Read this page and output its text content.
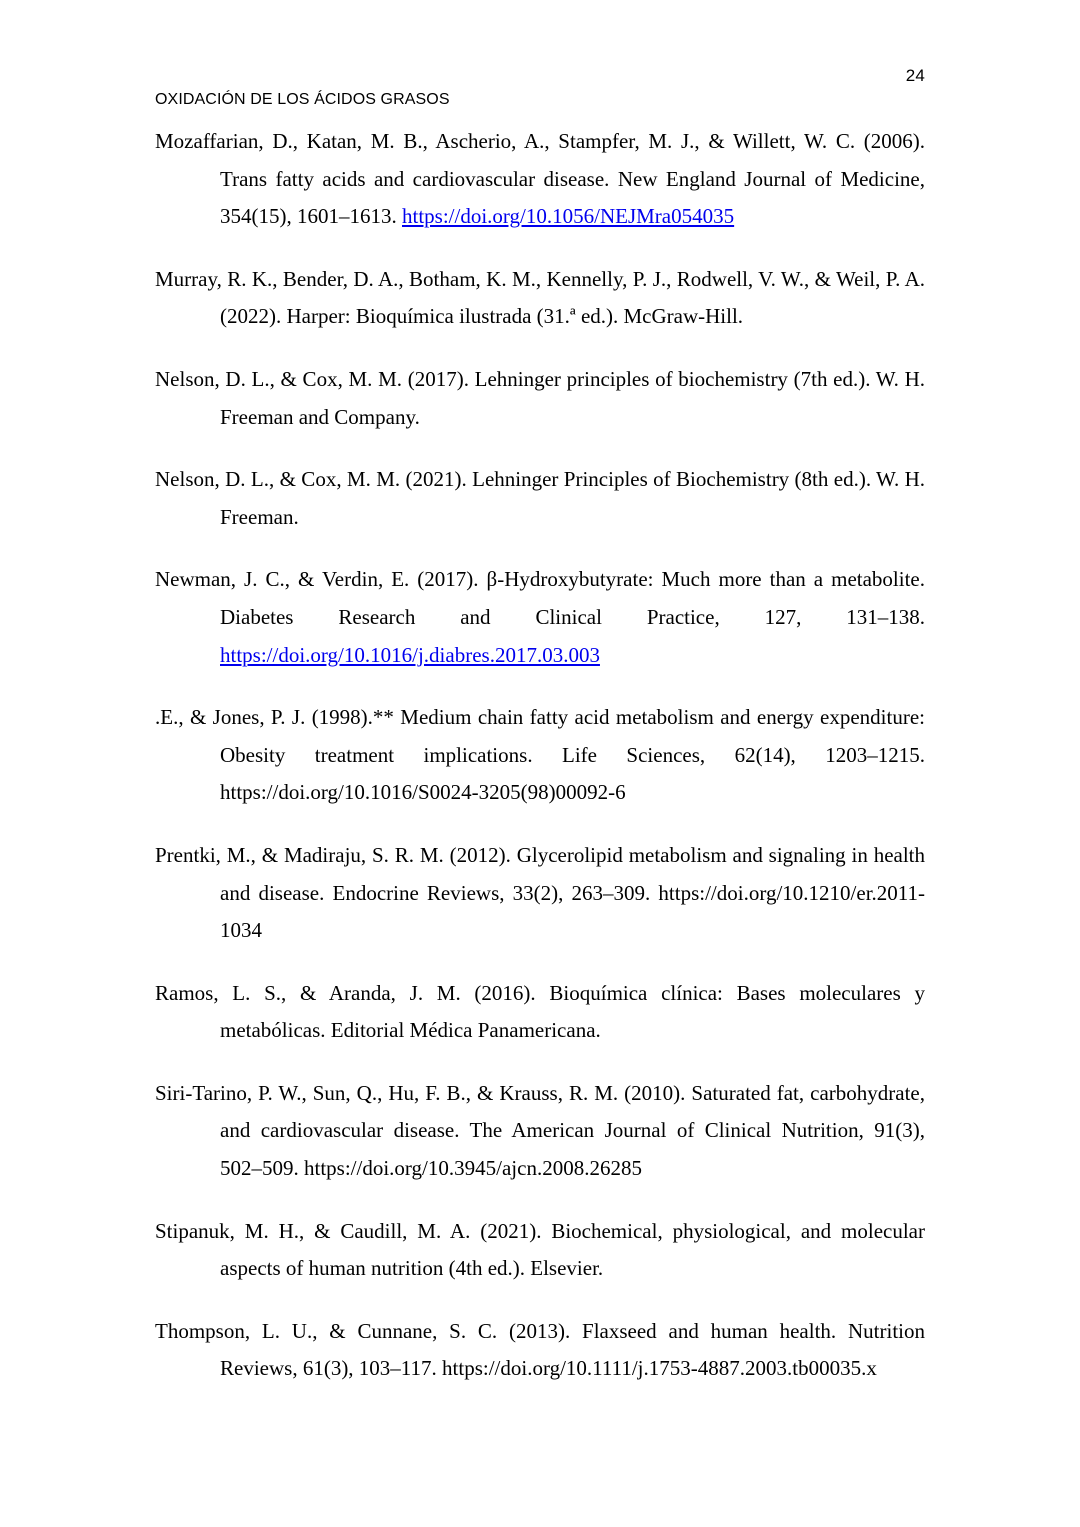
24
OXIDACIÓN DE LOS ÁCIDOS GRASOS

Mozaffarian, D., Katan, M. B., Ascherio, A., Stampfer, M. J., & Willett, W. C. (2006). Trans fatty acids and cardiovascular disease. New England Journal of Medicine, 354(15), 1601–1613. https://doi.org/10.1056/NEJMra054035

Murray, R. K., Bender, D. A., Botham, K. M., Kennelly, P. J., Rodwell, V. W., & Weil, P. A. (2022). Harper: Bioquímica ilustrada (31.ª ed.). McGraw-Hill.

Nelson, D. L., & Cox, M. M. (2017). Lehninger principles of biochemistry (7th ed.). W. H. Freeman and Company.

Nelson, D. L., & Cox, M. M. (2021). Lehninger Principles of Biochemistry (8th ed.). W. H. Freeman.

Newman, J. C., & Verdin, E. (2017). β-Hydroxybutyrate: Much more than a metabolite. Diabetes Research and Clinical Practice, 127, 131–138. https://doi.org/10.1016/j.diabres.2017.03.003

.E., & Jones, P. J. (1998).** Medium chain fatty acid metabolism and energy expenditure: Obesity treatment implications. Life Sciences, 62(14), 1203–1215. https://doi.org/10.1016/S0024-3205(98)00092-6

Prentki, M., & Madiraju, S. R. M. (2012). Glycerolipid metabolism and signaling in health and disease. Endocrine Reviews, 33(2), 263–309. https://doi.org/10.1210/er.2011-1034

Ramos, L. S., & Aranda, J. M. (2016). Bioquímica clínica: Bases moleculares y metabólicas. Editorial Médica Panamericana.

Siri-Tarino, P. W., Sun, Q., Hu, F. B., & Krauss, R. M. (2010). Saturated fat, carbohydrate, and cardiovascular disease. The American Journal of Clinical Nutrition, 91(3), 502–509. https://doi.org/10.3945/ajcn.2008.26285

Stipanuk, M. H., & Caudill, M. A. (2021). Biochemical, physiological, and molecular aspects of human nutrition (4th ed.). Elsevier.

Thompson, L. U., & Cunnane, S. C. (2013). Flaxseed and human health. Nutrition Reviews, 61(3), 103–117. https://doi.org/10.1111/j.1753-4887.2003.tb00035.x
